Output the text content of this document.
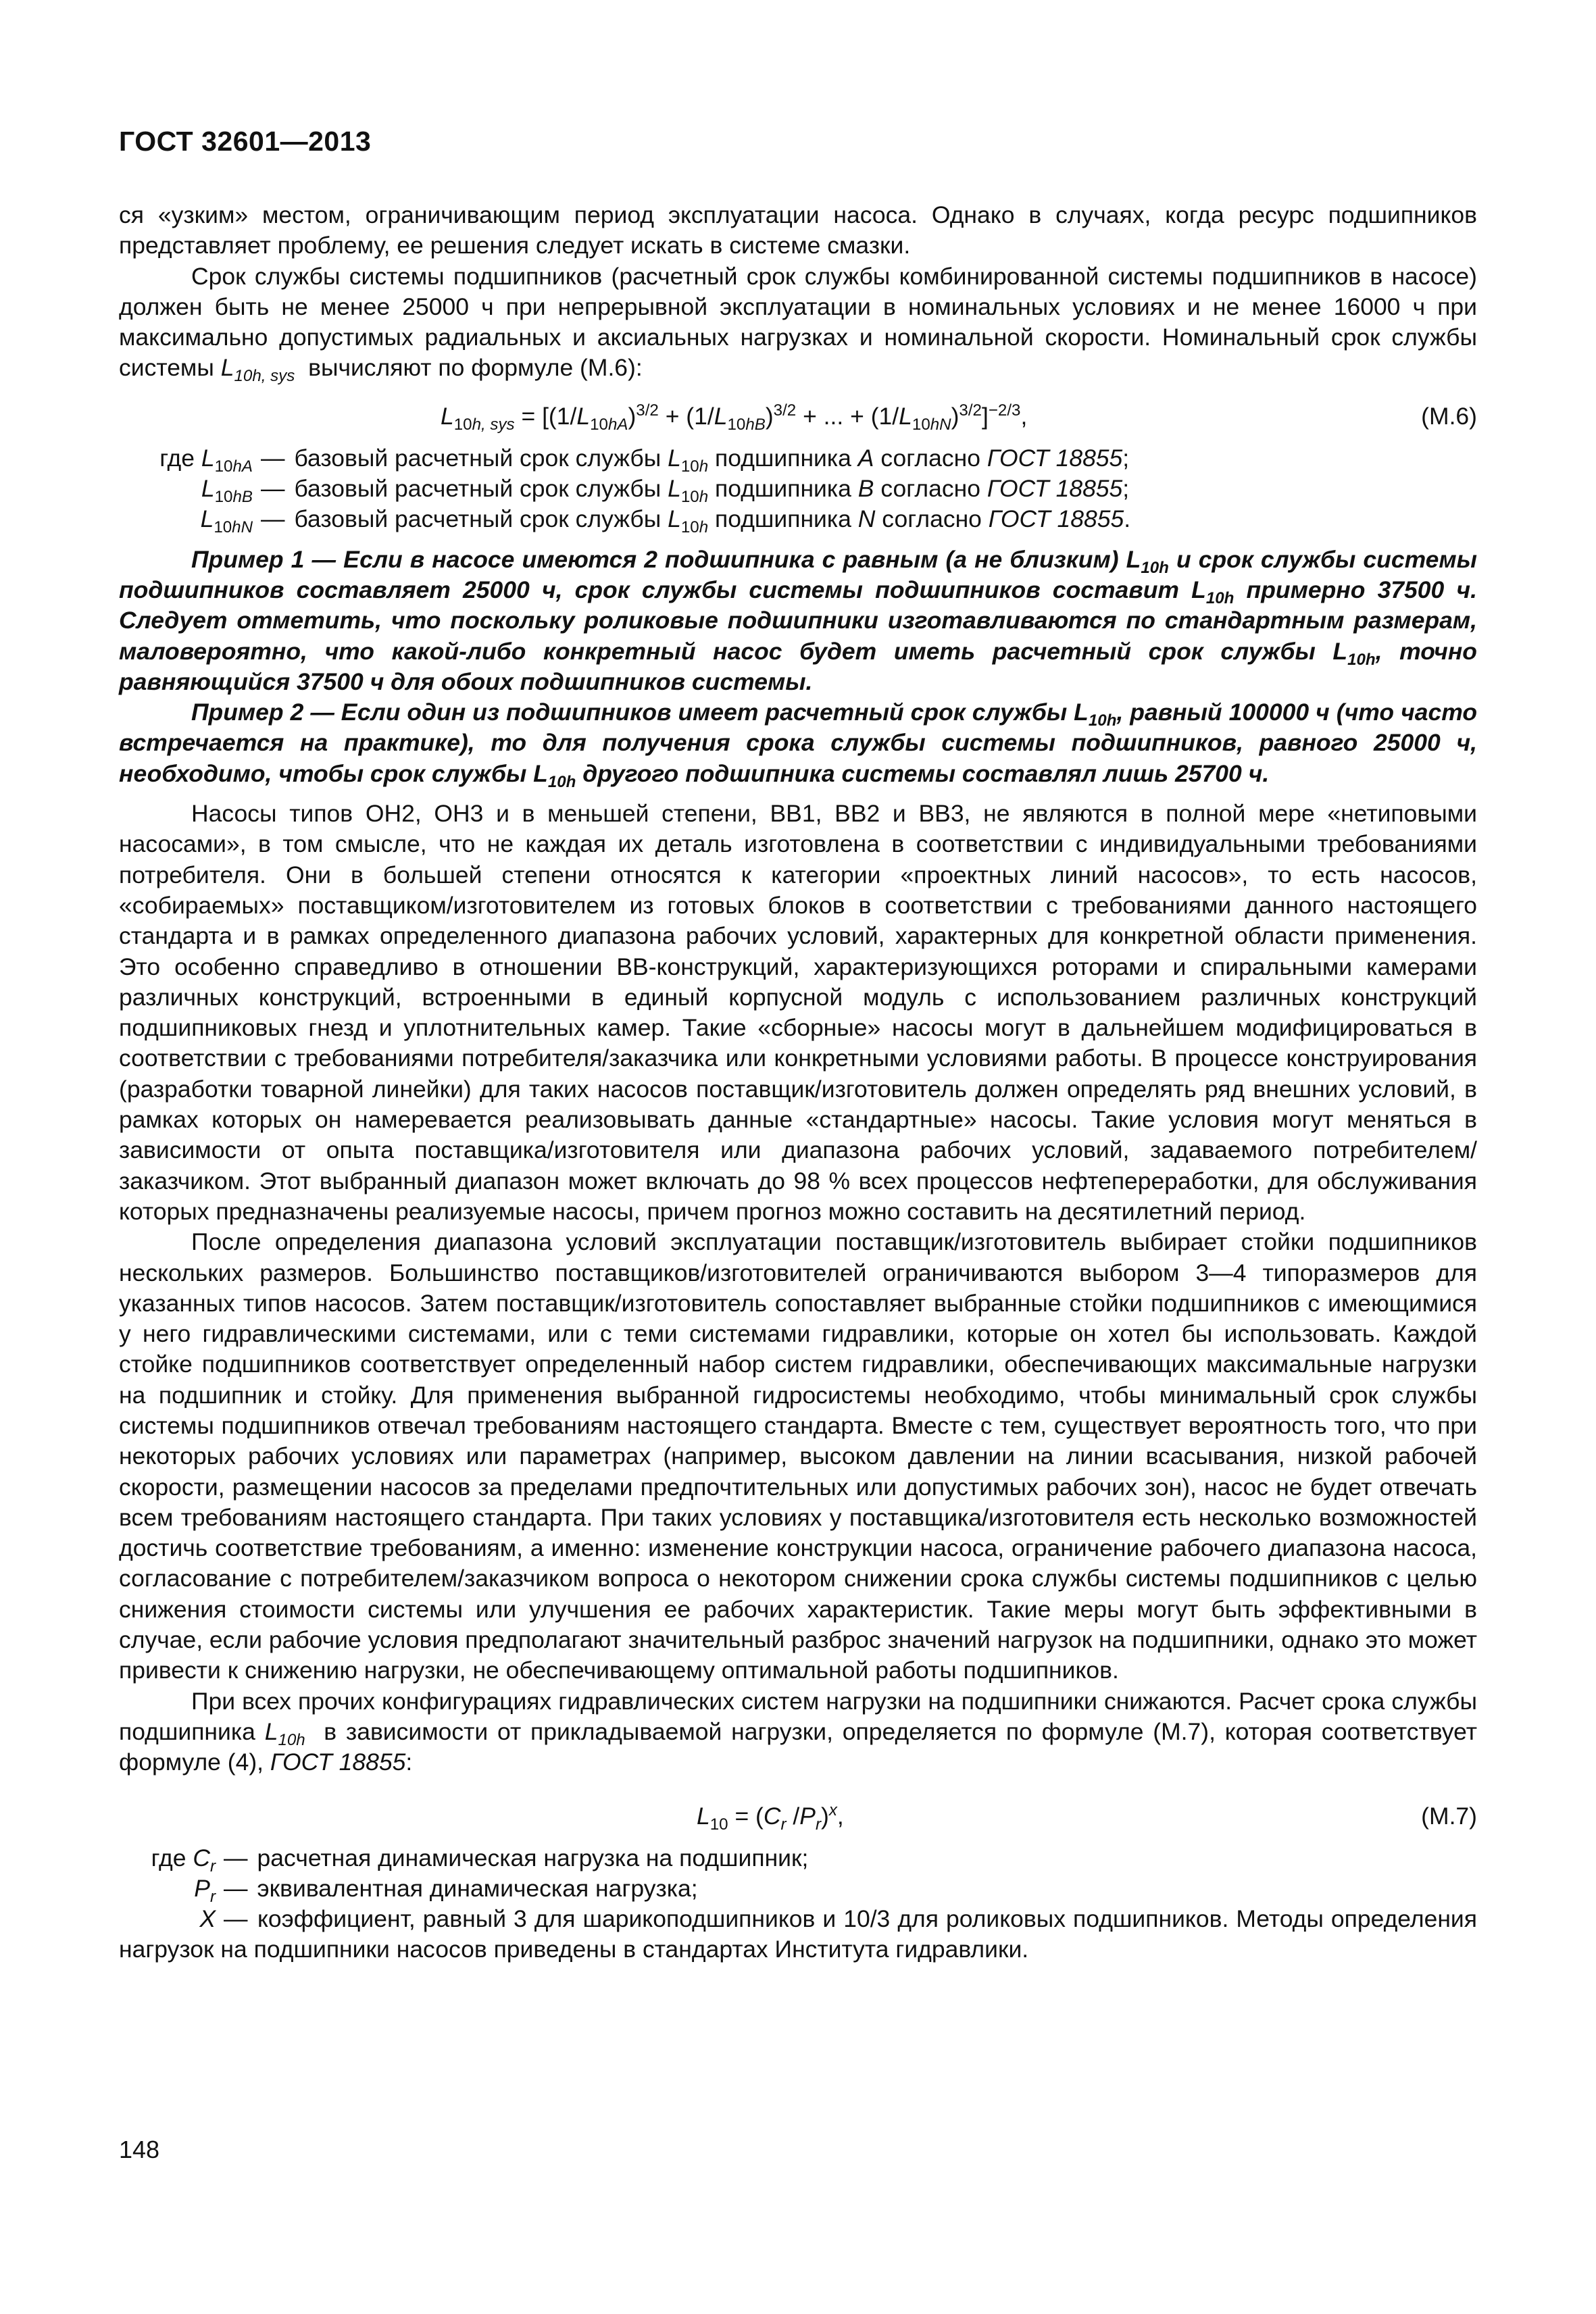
ГОСТ 32601—2013

ся «узким» местом, ограничивающим период эксплуатации насоса. Однако в случаях, когда ресурс подшипников представляет проблему, ее решения следует искать в системе смазки.

Срок службы системы подшипников (расчетный срок службы комбинированной системы подшипников в насосе) должен быть не менее 25000 ч при непрерывной эксплуатации в номинальных условиях и не менее 16000 ч при максимально допустимых радиальных и аксиальных нагрузках и номинальной скорости. Номинальный срок службы системы $L_{10h, sys}$ вычисляют по формуле (М.6):

$L_{10h, sys} = [(1/L_{10hA})^{3/2} + (1/L_{10hB})^{3/2}$ + ... + $(1/L_{10hN})^{3/2}]^{-2/3}$,	(М.6)
где $L_{10hA}$ — базовый расчетный срок службы $L_{10h}$ подшипника A согласно ГОСТ 18855;
$L_{10hB}$ — базовый расчетный срок службы $L_{10h}$ подшипника B согласно ГОСТ 18855;
$L_{10hN}$ — базовый расчетный срок службы $L_{10h}$ подшипника N согласно ГОСТ 18855.

Пример 1 — Если в насосе имеются 2 подшипника с равным (а не близким) $L_{10h}$ и срок службы системы подшипников составляет 25000 ч, срок службы системы подшипников составит $L_{10h}$ примерно 37500 ч. Следует отметить, что поскольку роликовые подшипники изготавливаются по стандартным размерам, маловероятно, что какой-либо конкретный насос будет иметь расчетный срок службы $L_{10h}$, точно равняющийся 37500 ч для обоих подшипников системы.

Пример 2 — Если один из подшипников имеет расчетный срок службы $L_{10h}$, равный 100000 ч (что часто встречается на практике), то для получения срока службы системы подшипников, равного 25000 ч, необходимо, чтобы срок службы $L_{10h}$ другого подшипника системы составлял лишь 25700 ч.

Насосы типов ОН2, ОН3 и в меньшей степени, ВВ1, ВВ2 и ВВ3, не являются в полной мере «нетиповыми насосами», в том смысле, что не каждая их деталь изготовлена в соответствии с индивидуальными требованиями потребителя. Они в большей степени относятся к категории «проектных линий насосов», то есть насосов, «собираемых» поставщиком/изготовителем из готовых блоков в соответствии с требованиями данного настоящего стандарта и в рамках определенного диапазона рабочих условий, характерных для конкретной области применения. Это особенно справедливо в отношении ВВ-конструкций, характеризующихся роторами и спиральными камерами различных конструкций, встроенными в единый корпусной модуль с использованием различных конструкций подшипниковых гнезд и уплотнительных камер. Такие «сборные» насосы могут в дальнейшем модифицироваться в соответствии с требованиями потребителя/заказчика или конкретными условиями работы. В процессе конструирования (разработки товарной линейки) для таких насосов поставщик/изготовитель должен определять ряд внешних условий, в рамках которых он намеревается реализовывать данные «стандартные» насосы. Такие условия могут меняться в зависимости от опыта поставщика/изготовителя или диапазона рабочих условий, задаваемого потребителем/заказчиком. Этот выбранный диапазон может включать до 98 % всех процессов нефтепереработки, для обслуживания которых предназначены реализуемые насосы, причем прогноз можно составить на десятилетний период.

После определения диапазона условий эксплуатации поставщик/изготовитель выбирает стойки подшипников нескольких размеров. Большинство поставщиков/изготовителей ограничиваются выбором 3—4 типоразмеров для указанных типов насосов. Затем поставщик/изготовитель сопоставляет выбранные стойки подшипников с имеющимися у него гидравлическими системами, или с теми системами гидравлики, которые он хотел бы использовать. Каждой стойке подшипников соответствует определенный набор систем гидравлики, обеспечивающих максимальные нагрузки на подшипник и стойку. Для применения выбранной гидросистемы необходимо, чтобы минимальный срок службы системы подшипников отвечал требованиям настоящего стандарта. Вместе с тем, существует вероятность того, что при некоторых рабочих условиях или параметрах (например, высоком давлении на линии всасывания, низкой рабочей скорости, размещении насосов за пределами предпочтительных или допустимых рабочих зон), насос не будет отвечать всем требованиям настоящего стандарта. При таких условиях у поставщика/изготовителя есть несколько возможностей достичь соответствие требованиям, а именно: изменение конструкции насоса, ограничение рабочего диапазона насоса, согласование с потребителем/заказчиком вопроса о некотором снижении срока службы системы подшипников с целью снижения стоимости системы или улучшения ее рабочих характеристик. Такие меры могут быть эффективными в случае, если рабочие условия предполагают значительный разброс значений нагрузок на подшипники, однако это может привести к снижению нагрузки, не обеспечивающему оптимальной работы подшипников.

При всех прочих конфигурациях гидравлических систем нагрузки на подшипники снижаются. Расчет срока службы подшипника $L_{10h}$ в зависимости от прикладываемой нагрузки, определяется по формуле (М.7), которая соответствует формуле (4), ГОСТ 18855:

$L_{10} = (C_r$ $/P_r)^x$,	(М.7)
где $C_r$ — расчетная динамическая нагрузка на подшипник;
$P_r$ — эквивалентная динамическая нагрузка;
X — коэффициент, равный 3 для шарикоподшипников и 10/3 для роликовых подшипников. Методы определения нагрузок на подшипники насосов приведены в стандартах Института гидравлики.

148
